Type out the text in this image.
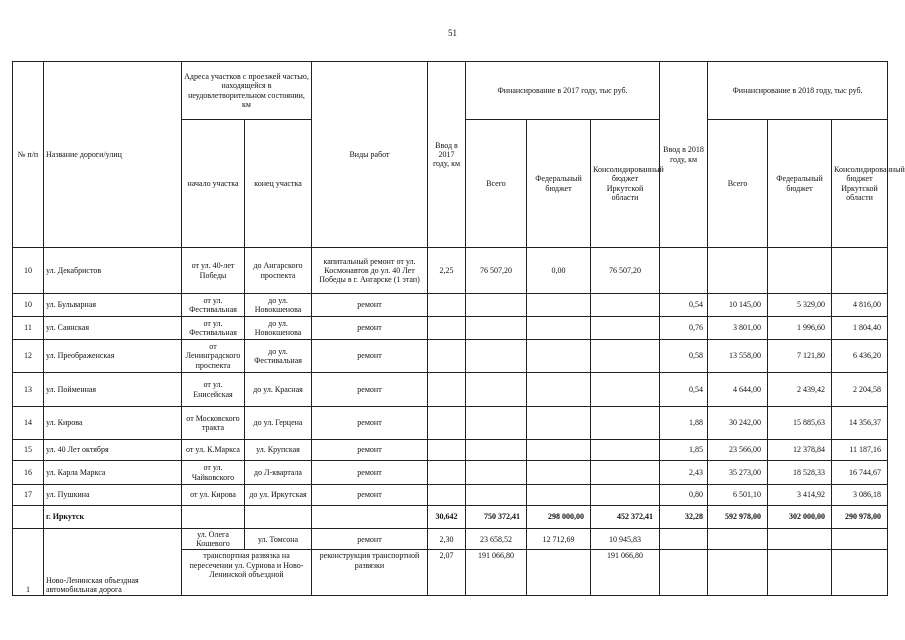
51
№ п/п	Название дороги/улиц	Адреса участков с проезжей частью, находящейся в неудовлетворительном состоянии, км		Виды работ	Ввод в 2017 году, км	Финансирование в 2017 году, тыс руб.			Ввод в 2018 году, км	Финансирование в 2018 году, тыс руб.		
		начало участка	конец участка			Всего	Федеральный бюджет	Консолидированный бюджет Иркутской области		Всего	Федеральный бюджет	Консолидированный бюджет Иркутской области
10	ул. Декабристов	от ул. 40-лет Победы	до Ангарского проспекта	капитальный ремонт от ул. Космонавтов до ул. 40 Лет Победы в г. Ангарске (1 этап)	2,25	76 507,20	0,00	76 507,20				
10	ул. Бульварная	от ул. Фестивальная	до ул. Новокшенова	ремонт					0,54	10 145,00	5 329,00	4 816,00
11	ул. Саянская	от ул. Фестивальная	до ул. Новокшенова	ремонт					0,76	3 801,00	1 996,60	1 804,40
12	ул. Преображенская	от Ленинградского проспекта	до ул. Фестивальная	ремонт					0,58	13 558,00	7 121,80	6 436,20
13	ул. Пойменная	от ул. Енисейская	до ул. Красная	ремонт					0,54	4 644,00	2 439,42	2 204,58
14	ул. Кирова	от Московского тракта	до ул. Герцена	ремонт					1,88	30 242,00	15 885,63	14 356,37
15	ул. 40 Лет октября	от ул. К.Маркса	ул. Крупская	ремонт					1,85	23 566,00	12 378,84	11 187,16
16	ул. Карла Маркса	от ул. Чайковского	до Л-квартала	ремонт					2,43	35 273,00	18 528,33	16 744,67
17	ул. Пушкина	от ул. Кирова	до ул. Иркутская	ремонт					0,80	6 501,10	3 414,92	3 086,18
	г. Иркутск				30,642	750 372,41	298 000,00	452 372,41	32,28	592 978,00	302 000,00	290 978,00
1	Ново-Ленинская объездная автомобильная дорога	ул. Олега Кошевого	ул. Томсона	ремонт	2,30	23 658,52	12 712,69	10 945,83				
		транспортная развязка на пересечении ул. Сурнова и Ново-Ленинской объездной		реконструкция транспортной развязки	2,07	191 066,80		191 066,80				
